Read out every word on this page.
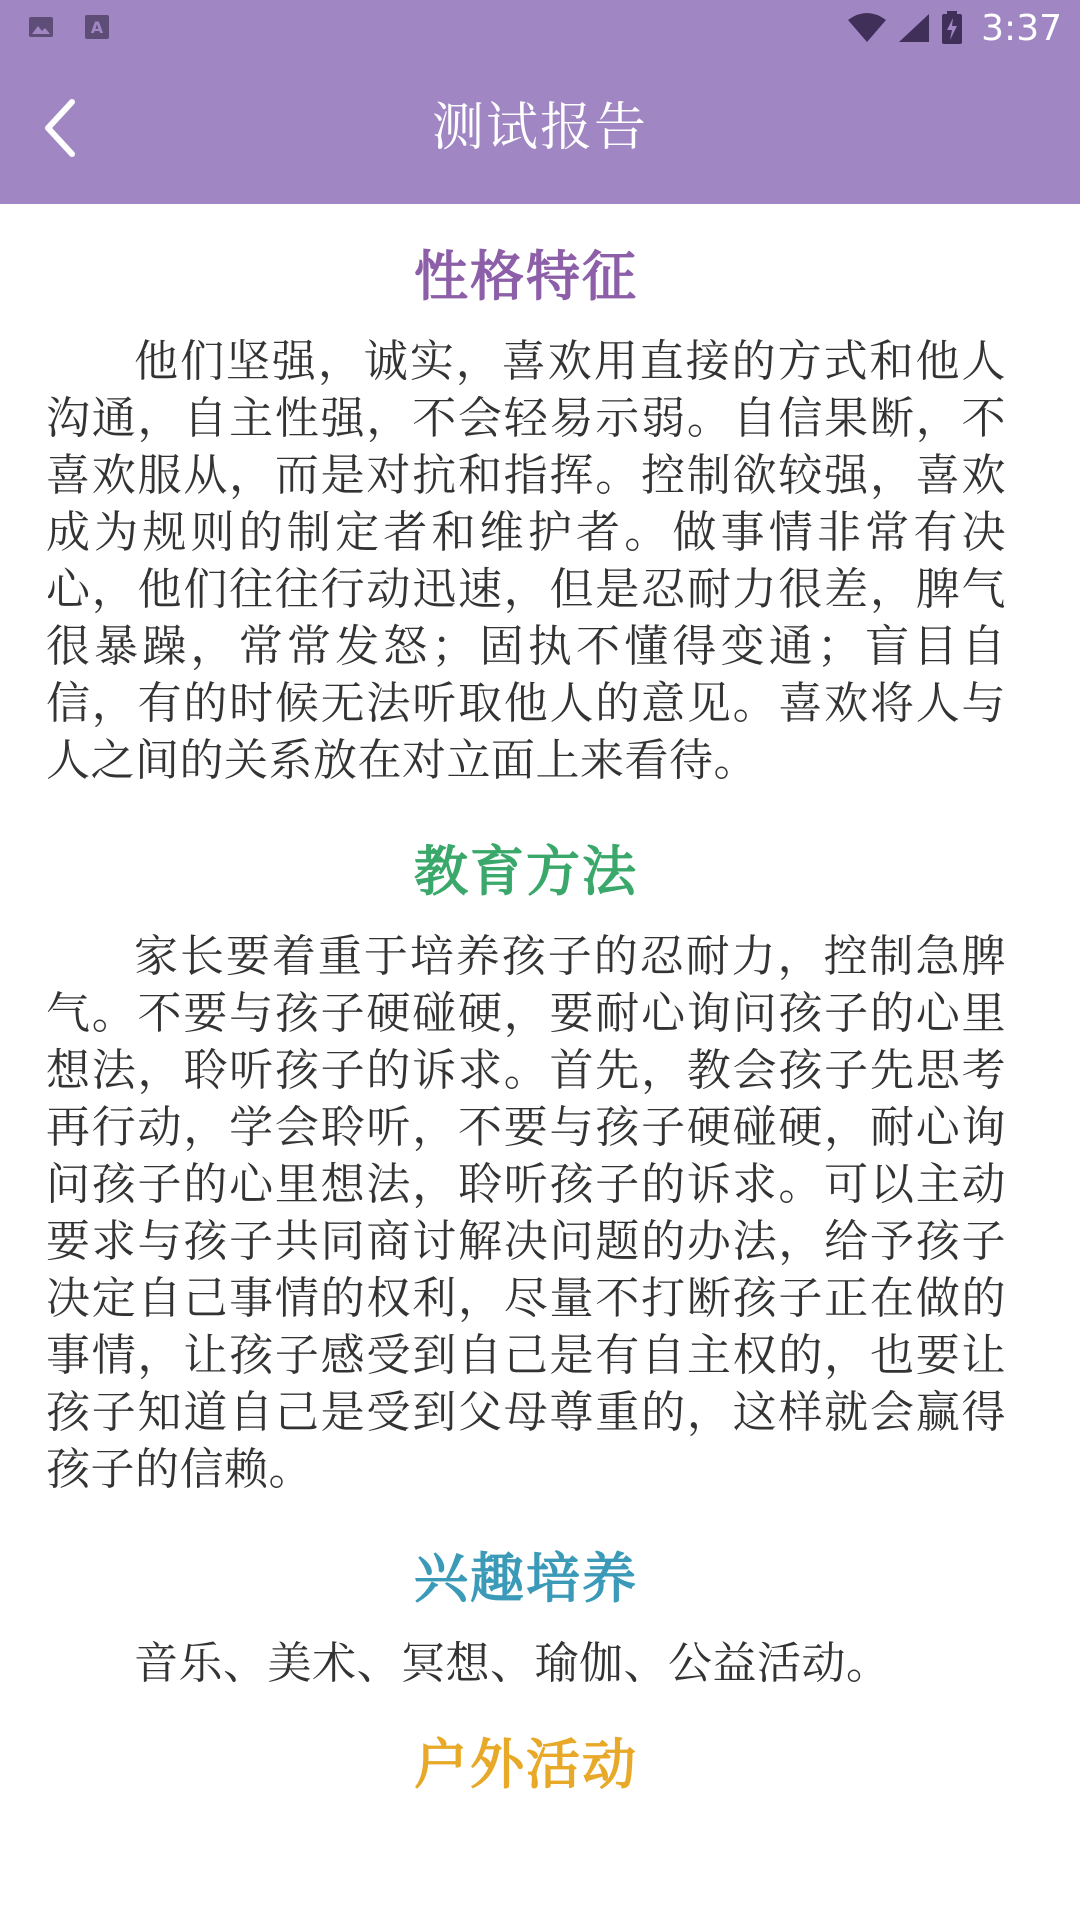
A	3:37
测试报告
性格特征

他们坚强，诚实，喜欢用直接的方式和他人沟通，自主性强，不会轻易示弱。自信果断，不喜欢服从，而是对抗和指挥。控制欲较强，喜欢成为规则的制定者和维护者。做事情非常有决心，他们往往行动迅速，但是忍耐力很差，脾气很暴躁，常常发怒；固执不懂得变通；盲目自信，有的时候无法听取他人的意见。喜欢将人与人之间的关系放在对立面上来看待。

教育方法

家长要着重于培养孩子的忍耐力，控制急脾气。不要与孩子硬碰硬，要耐心询问孩子的心里想法，聆听孩子的诉求。首先，教会孩子先思考再行动，学会聆听，不要与孩子硬碰硬，耐心询问孩子的心里想法，聆听孩子的诉求。可以主动要求与孩子共同商讨解决问题的办法，给予孩子决定自己事情的权利，尽量不打断孩子正在做的事情，让孩子感受到自己是有自主权的，也要让孩子知道自己是受到父母尊重的，这样就会赢得孩子的信赖。

兴趣培养

音乐、美术、冥想、瑜伽、公益活动。

户外活动
